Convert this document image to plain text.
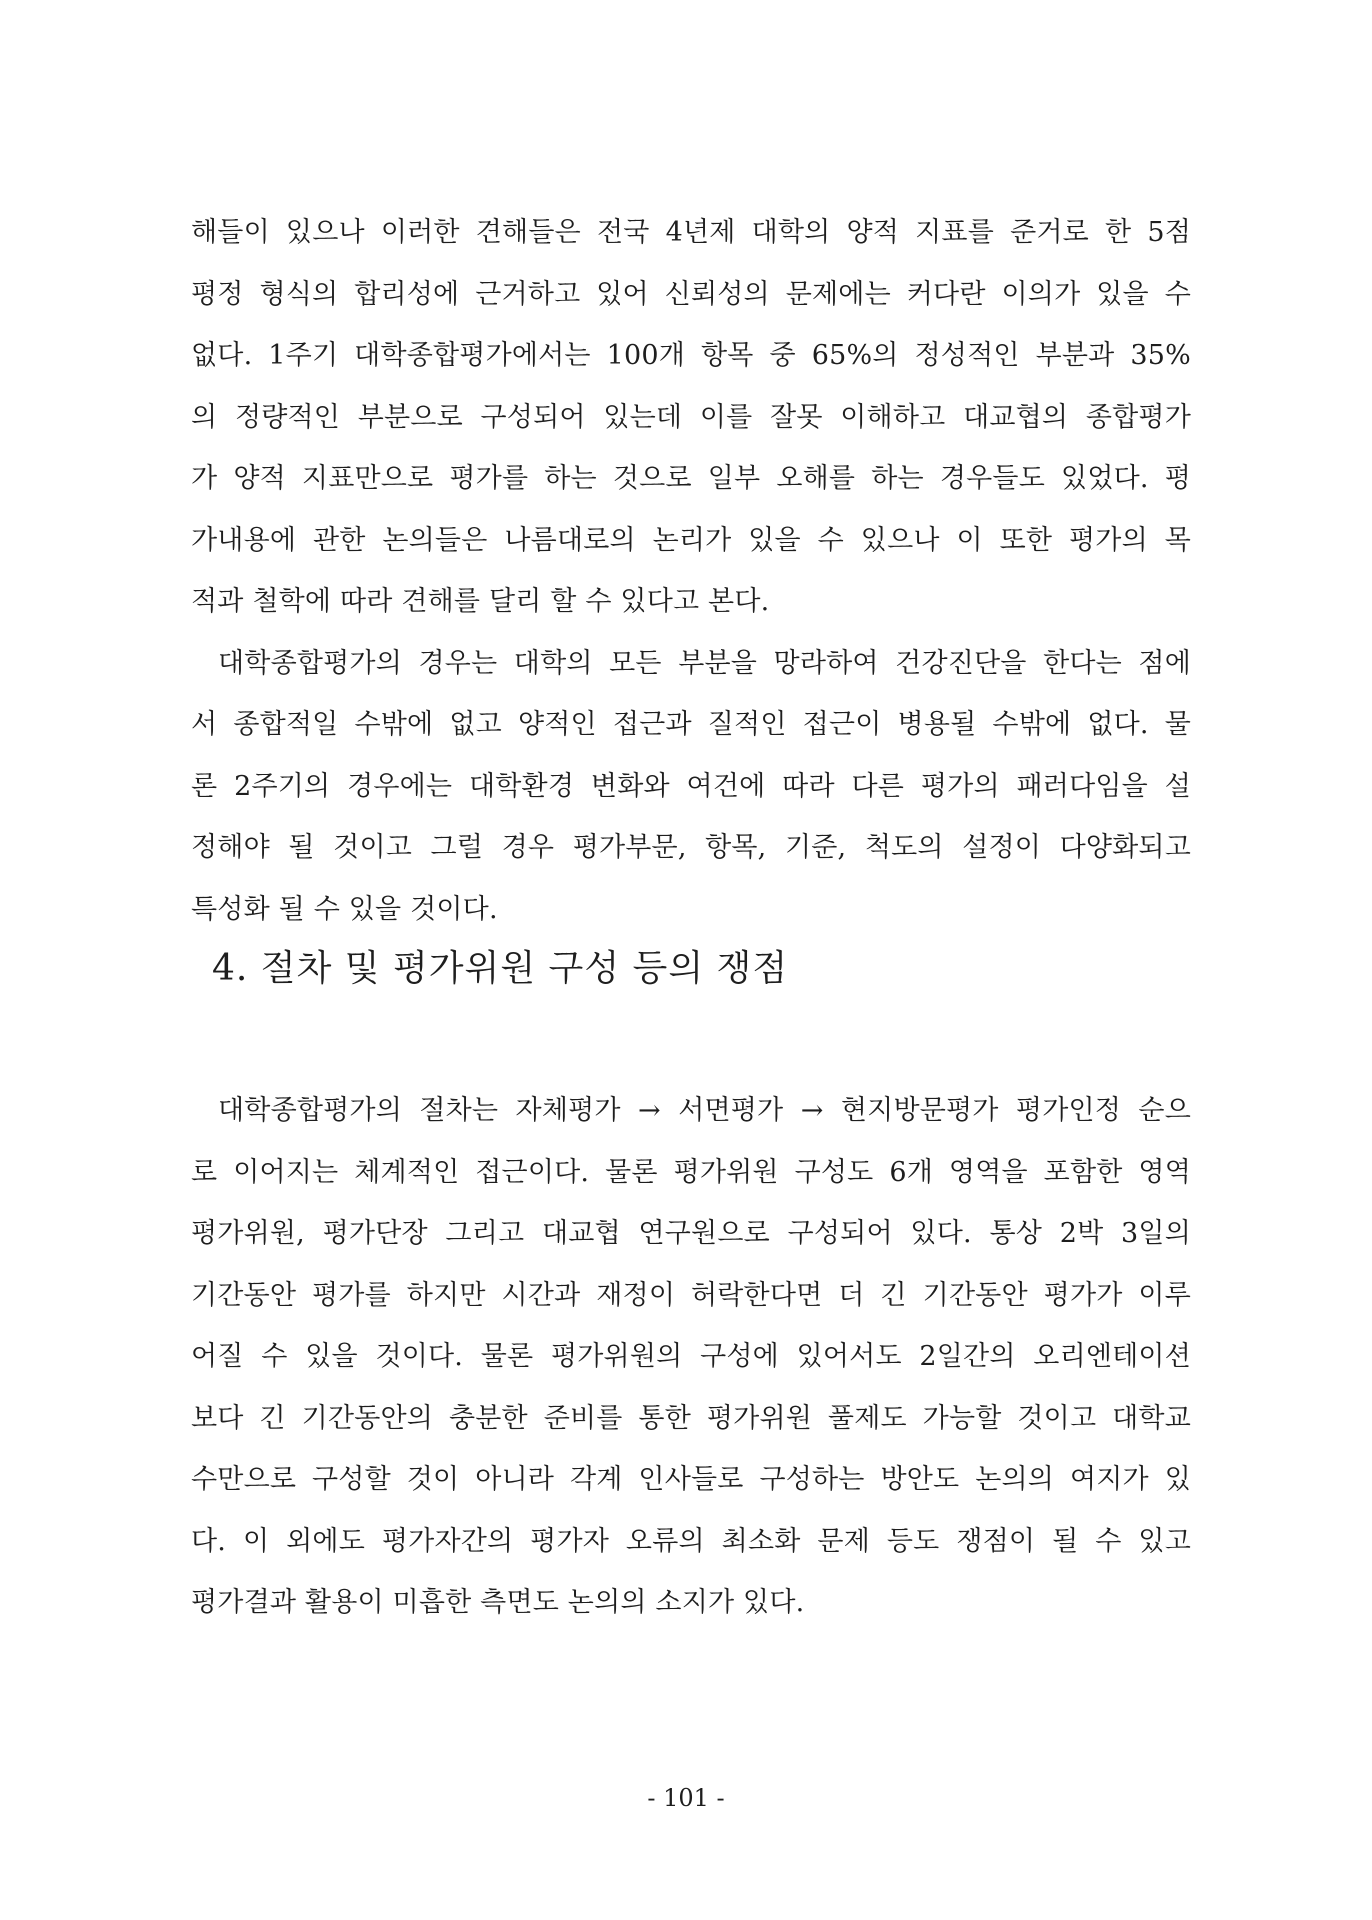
해들이 있으나 이러한 견해들은 전국 4년제 대학의 양적 지표를 준거로 한 5점
평정 형식의 합리성에 근거하고 있어 신뢰성의 문제에는 커다란 이의가 있을 수
없다. 1주기 대학종합평가에서는 100개 항목 중 65%의 정성적인 부분과 35%
의 정량적인 부분으로 구성되어 있는데 이를 잘못 이해하고 대교협의 종합평가
가 양적 지표만으로 평가를 하는 것으로 일부 오해를 하는 경우들도 있었다. 평
가내용에 관한 논의들은 나름대로의 논리가 있을 수 있으나 이 또한 평가의 목
적과 철학에 따라 견해를 달리 할 수 있다고 본다.
대학종합평가의 경우는 대학의 모든 부분을 망라하여 건강진단을 한다는 점에
서 종합적일 수밖에 없고 양적인 접근과 질적인 접근이 병용될 수밖에 없다. 물
론 2주기의 경우에는 대학환경 변화와 여건에 따라 다른 평가의 패러다임을 설
정해야 될 것이고 그럴 경우 평가부문, 항목, 기준, 척도의 설정이 다양화되고
특성화 될 수 있을 것이다.
4. 절차 및 평가위원 구성 등의 쟁점
대학종합평가의 절차는 자체평가 → 서면평가 → 현지방문평가 평가인정 순으
로 이어지는 체계적인 접근이다. 물론 평가위원 구성도 6개 영역을 포함한 영역
평가위원, 평가단장 그리고 대교협 연구원으로 구성되어 있다. 통상 2박 3일의
기간동안 평가를 하지만 시간과 재정이 허락한다면 더 긴 기간동안 평가가 이루
어질 수 있을 것이다. 물론 평가위원의 구성에 있어서도 2일간의 오리엔테이션
보다 긴 기간동안의 충분한 준비를 통한 평가위원 풀제도 가능할 것이고 대학교
수만으로 구성할 것이 아니라 각계 인사들로 구성하는 방안도 논의의 여지가 있
다. 이 외에도 평가자간의 평가자 오류의 최소화 문제 등도 쟁점이 될 수 있고
평가결과 활용이 미흡한 측면도 논의의 소지가 있다.
- 101 -
